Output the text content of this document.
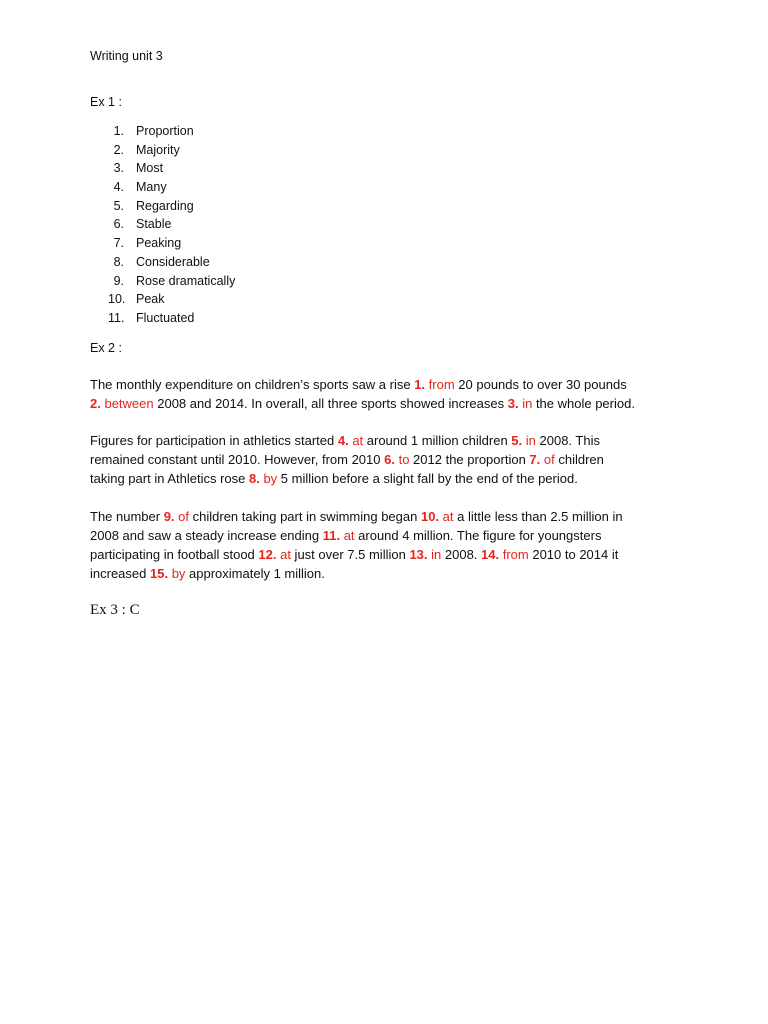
Writing unit 3
Ex 1 :
1. Proportion
2. Majority
3. Most
4. Many
5. Regarding
6. Stable
7. Peaking
8. Considerable
9. Rose dramatically
10. Peak
11. Fluctuated
Ex 2 :
The monthly expenditure on children’s sports saw a rise 1. from 20 pounds to over 30 pounds
2. between 2008 and 2014. In overall, all three sports showed increases 3. in the whole period.
Figures for participation in athletics started 4. at around 1 million children 5. in 2008. This
remained constant until 2010. However, from 2010 6. to 2012 the proportion 7. of children
taking part in Athletics rose 8. by 5 million before a slight fall by the end of the period.
The number 9. of children taking part in swimming began 10. at a little less than 2.5 million in
2008 and saw a steady increase ending 11. at around 4 million. The figure for youngsters
participating in football stood 12. at just over 7.5 million 13. in 2008. 14. from 2010 to 2014 it
increased 15. by approximately 1 million.
Ex 3 : C
